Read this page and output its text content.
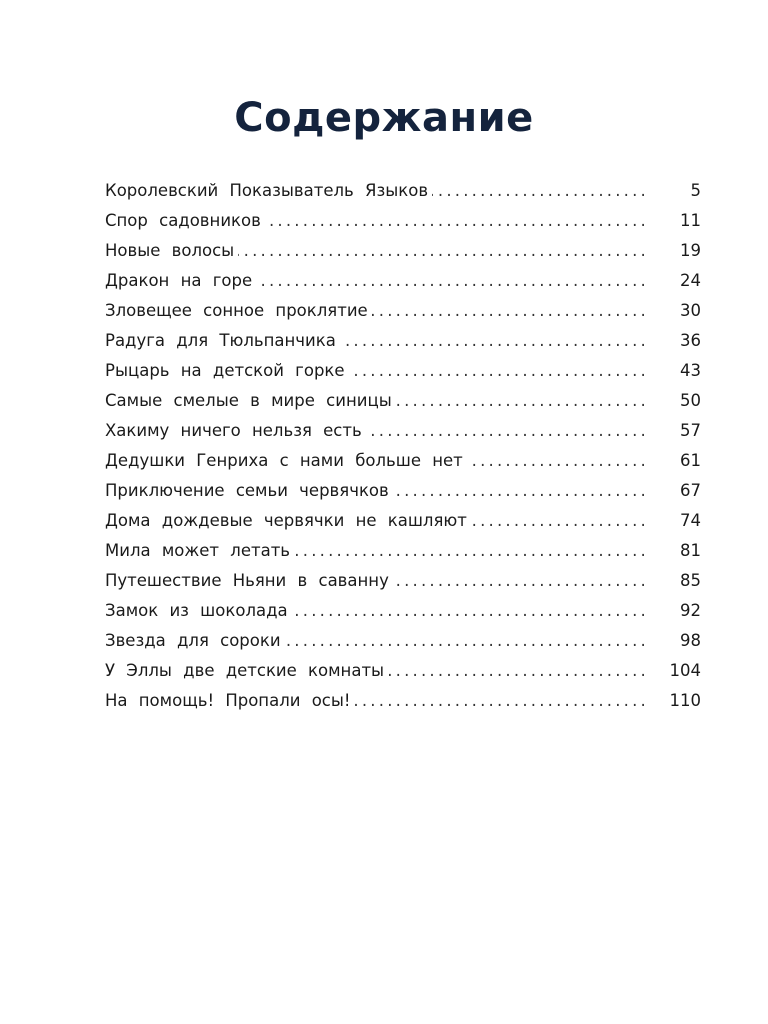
Содержание
Королевский Показыватель Языков .....	5
Спор садовников .....	11
Новые волосы .....	19
Дракон на горе .....	24
Зловещее сонное проклятие .....	30
Радуга для Тюльпанчика .....	36
Рыцарь на детской горке .....	43
Самые смелые в мире синицы .....	50
Хакиму ничего нельзя есть .....	57
Дедушки Генриха с нами больше нет .....	61
Приключение семьи червячков .....	67
Дома дождевые червячки не кашляют .....	74
Мила может летать .....	81
Путешествие Ньяни в саванну .....	85
Замок из шоколада .....	92
Звезда для сороки .....	98
У Эллы две детские комнаты .....	104
На помощь! Пропали осы! .....	110
